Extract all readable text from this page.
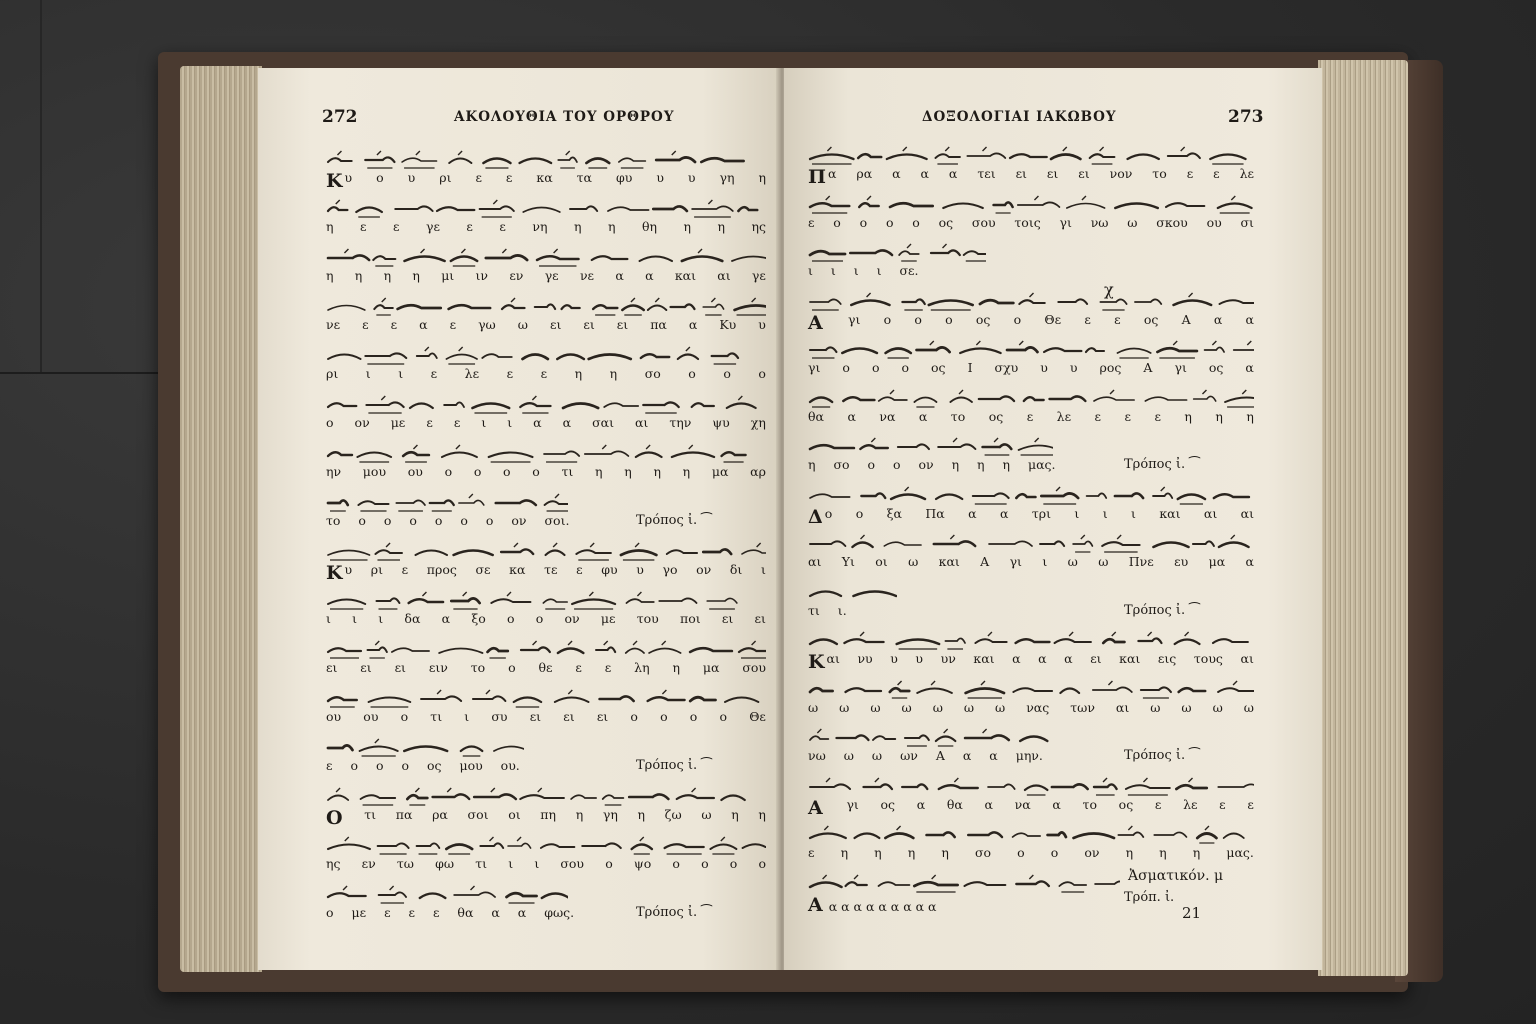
272	ΑΚΟΛΟΥΘΙΑ ΤΟΥ ΟΡΘΡΟΥ
Κ υ ο υ ρι ε ε κα τα φυ υ υ γη η
η ε ε γε ε ε νη η η θη η η ης
η η η η μι ιν εν γε νε α α και αι γε
νε ε ε α ε γω ω ει ει ει πα α Κυ υ
ρι ι ι ε λε ε ε η η σο ο ο ο
ο ον με ε ε ι ι α α σαι αι την ψυ χη
ην μου ου ο ο ο ο τι η η η η μα αρ
το ο ο ο ο ο ο ον σοι.	Τρόπος ἰ. ⁀
Κ υ ρι ε προς σε κα τε ε φυ υ γο ον δι ι
ι ι ι δα α ξο ο ο ον με του ποι ει ει
ει ει ει ειν το ο θε ε ε λη η μα σου
ου ου ο τι ι συ ει ει ει ο ο ο ο Θε
ε ο ο ο ος μου ου.	Τρόπος ἰ. ⁀
Ο τι πα ρα σοι οι πη η γη η ζω ω η η
ης εν τω φω τι ι ι σου ο ψο ο ο ο ο
ο με ε ε ε θα α α φως.	Τρόπος ἰ. ⁀
ΔΟΞΟΛΟΓΙΑΙ ΙΑΚΩΒΟΥ	273
Π α ρα α α α τει ει ει ει νον το ε ε λε
ε ο ο ο ο ος σου τοις γι νω ω σκου ου σι
ι ι ι ι σε.
Α γι ο ο ο ος ο Θε ε ε ος Α α α
γι ο ο ο ος Ι σχυ υ υ ρος Α γι ος α
θα α να α το ος ε λε ε ε ε η η η
η σο ο ο ον η η η μας.	Τρόπος ἰ. ⁀
Δ ο ο ξα Πα α α τρι ι ι ι και αι αι
αι Υι οι ω και Α γι ι ω ω Πνε ευ μα α
τι ι.	Τρόπος ἰ. ⁀
Κ αι νυ υ υ υν και α α α ει και εις τους αι
ω ω ω ω ω ω ω νας των αι ω ω ω ω
νω ω ω ων Α α α μην.	Τρόπος ἰ. ⁀
Α γι ος α θα α να α το ος ε λε ε ε
ε η η η η σο ο ο ον η η η μας.
Α α α α α α α α α α
χ
Ἀσματικόν. μ
Τρόπ. ἰ.
21
